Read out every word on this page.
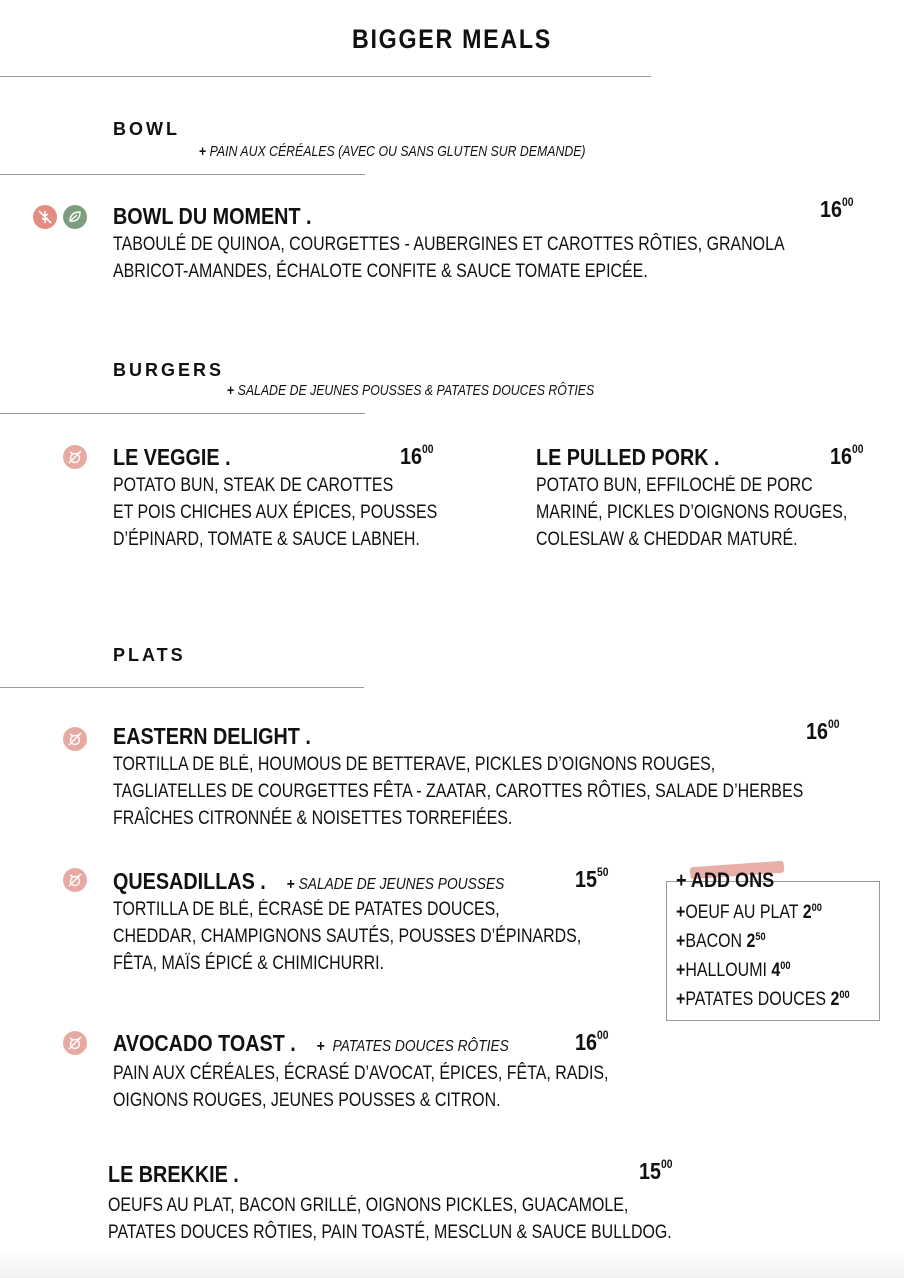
BIGGER MEALS
BOWL
+ PAIN AUX CÉRÉALES (AVEC OU SANS GLUTEN SUR DEMANDE)
BOWL DU MOMENT .	$16^{00}$
TABOULÉ DE QUINOA, COURGETTES - AUBERGINES ET CAROTTES RÔTIES, GRANOLA
ABRICOT-AMANDES, ÉCHALOTE CONFITE & SAUCE TOMATE EPICÉE.
BURGERS
+ SALADE DE JEUNES POUSSES & PATATES DOUCES RÔTIES
LE VEGGIE .	$16^{00}$
POTATO BUN, STEAK DE CAROTTES
ET POIS CHICHES AUX ÉPICES, POUSSES
D’ÉPINARD, TOMATE & SAUCE LABNEH.
LE PULLED PORK .	$16^{00}$
POTATO BUN, EFFILOCHÉ DE PORC
MARINÉ, PICKLES D’OIGNONS ROUGES,
COLESLAW & CHEDDAR MATURÉ.
PLATS
EASTERN DELIGHT .	$16^{00}$
TORTILLA DE BLÉ, HOUMOUS DE BETTERAVE, PICKLES D’OIGNONS ROUGES,
TAGLIATELLES DE COURGETTES FÊTA - ZAATAR, CAROTTES RÔTIES, SALADE D’HERBES
FRAÎCHES CITRONNÉE & NOISETTES TORREFIÉES.
QUESADILLAS . + SALADE DE JEUNES POUSSES	$15^{50}$
TORTILLA DE BLÉ, ÉCRASÉ DE PATATES DOUCES,
CHEDDAR, CHAMPIGNONS SAUTÉS, POUSSES D’ÉPINARDS,
FÊTA, MAÏS ÉPICÉ & CHIMICHURRI.
+ ADD ONS
+OEUF AU PLAT $2^{00}$
+BACON $2^{50}$
+HALLOUMI $4^{00}$
+PATATES DOUCES $2^{00}$
AVOCADO TOAST . + PATATES DOUCES RÔTIES	$16^{00}$
PAIN AUX CÉRÉALES, ÉCRASÉ D’AVOCAT, ÉPICES, FÊTA, RADIS,
OIGNONS ROUGES, JEUNES POUSSES & CITRON.
LE BREKKIE .	$15^{00}$
OEUFS AU PLAT, BACON GRILLÉ, OIGNONS PICKLES, GUACAMOLE,
PATATES DOUCES RÔTIES, PAIN TOASTÉ, MESCLUN & SAUCE BULLDOG.
